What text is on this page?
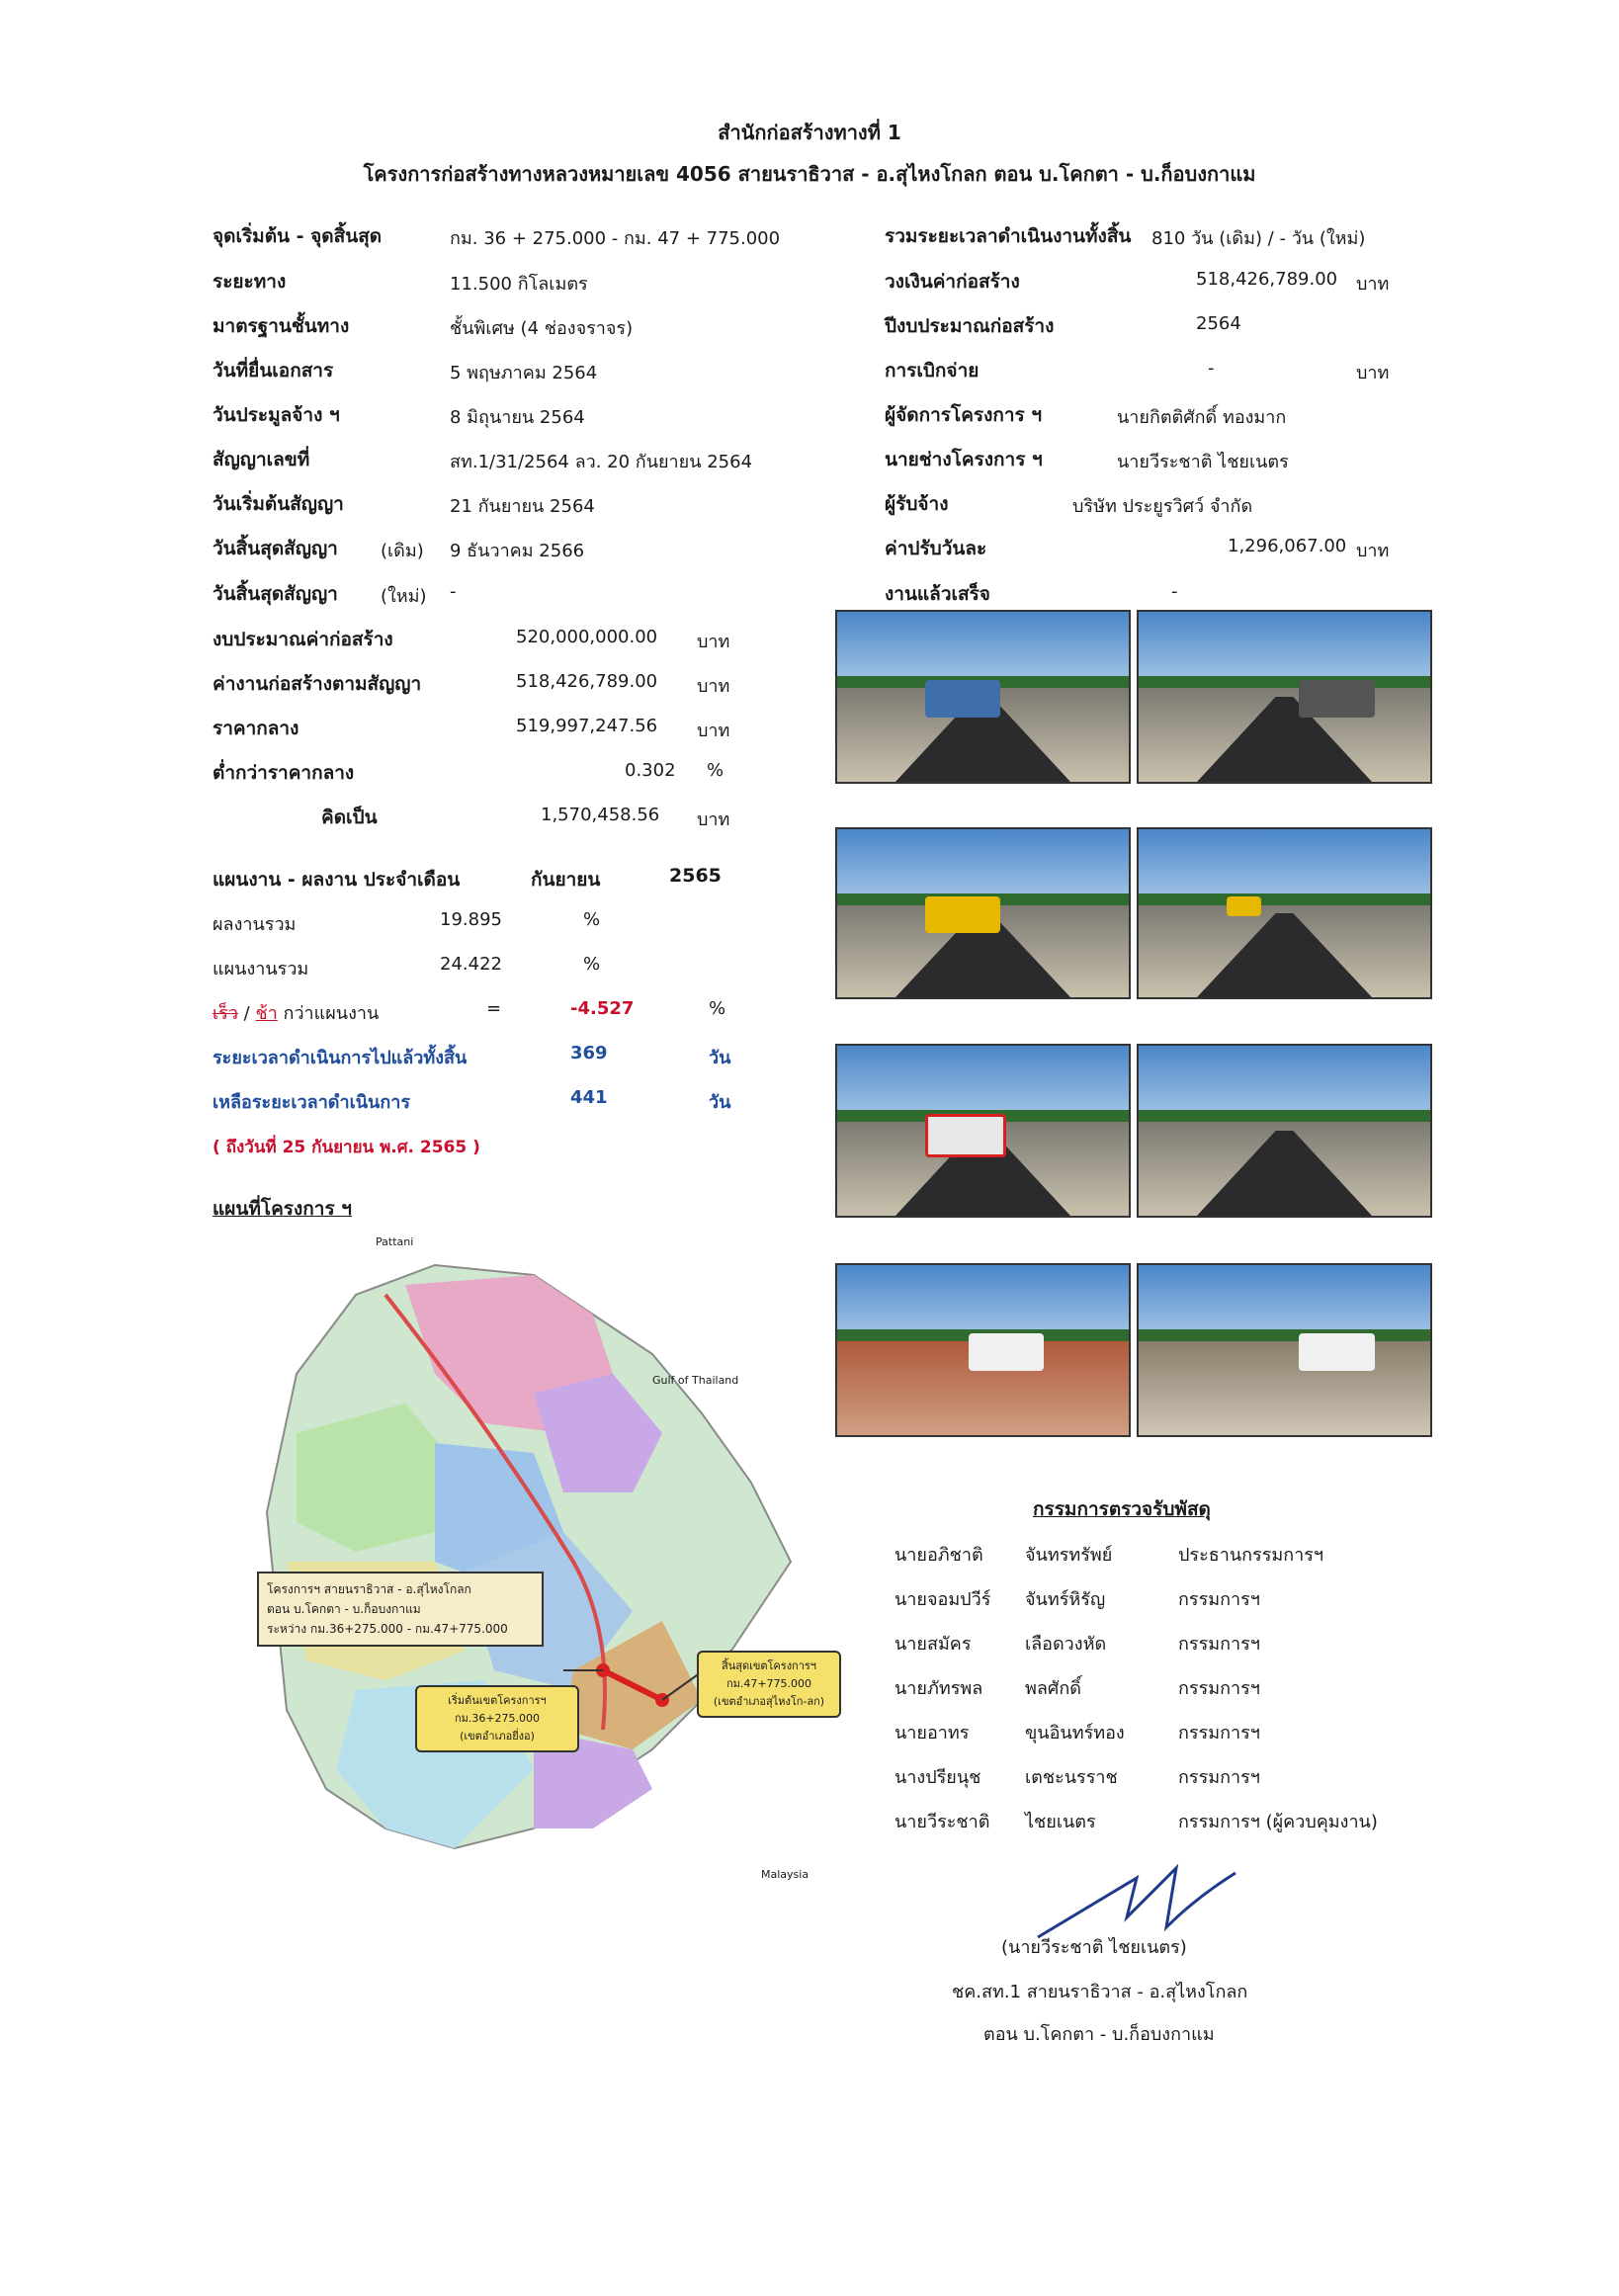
สำนักก่อสร้างทางที่ 1
โครงการก่อสร้างทางหลวงหมายเลข 4056 สายนราธิวาส - อ.สุไหงโกลก ตอน บ.โคกตา - บ.ก็อบงกาแม
จุดเริ่มต้น - จุดสิ้นสุด	กม. 36 + 275.000 - กม. 47 + 775.000
ระยะทาง	11.500 กิโลเมตร
มาตรฐานชั้นทาง	ชั้นพิเศษ (4 ช่องจราจร)
วันที่ยื่นเอกสาร	5 พฤษภาคม 2564
วันประมูลจ้าง ฯ	8 มิถุนายน 2564
สัญญาเลขที่	สท.1/31/2564 ลว. 20 กันยายน 2564
วันเริ่มต้นสัญญา	21 กันยายน 2564
วันสิ้นสุดสัญญา (เดิม) 9 ธันวาคม 2566
วันสิ้นสุดสัญญา (ใหม่) -
รวมระยะเวลาดำเนินงานทั้งสิ้น 810 วัน (เดิม) / - วัน (ใหม่)
วงเงินค่าก่อสร้าง	518,426,789.00 บาท
ปีงบประมาณก่อสร้าง	2564
การเบิกจ่าย	-	บาท
ผู้จัดการโครงการ ฯ	นายกิตติศักดิ์ ทองมาก
นายช่างโครงการ ฯ	นายวีระชาติ ไชยเนตร
ผู้รับจ้าง	บริษัท ประยูรวิศว์ จำกัด
ค่าปรับวันละ	1,296,067.00 บาท
งานแล้วเสร็จ	-
งบประมาณค่าก่อสร้าง	520,000,000.00 บาท
ค่างานก่อสร้างตามสัญญา	518,426,789.00 บาท
ราคากลาง	519,997,247.56 บาท
ต่ำกว่าราคากลาง	0.302 %
คิดเป็น	1,570,458.56 บาท
แผนงาน - ผลงาน ประจำเดือน	กันยายน	2565
ผลงานรวม	19.895	%
แผนงานรวม	24.422	%
เร็ว / ช้า กว่าแผนงาน	=	-4.527	%
ระยะเวลาดำเนินการไปแล้วทั้งสิ้น	369	วัน
เหลือระยะเวลาดำเนินการ	441	วัน
( ถึงวันที่ 25 กันยายน พ.ศ. 2565 )
แผนที่โครงการ ฯ
Pattani
Gulf of Thailand
Malaysia
โครงการฯ สายนราธิวาส - อ.สุไหงโกลก
ตอน บ.โคกตา - บ.ก็อบงกาแม
ระหว่าง กม.36+275.000 - กม.47+775.000
เริ่มต้นเขตโครงการฯ
กม.36+275.000
(เขตอำเภอยี่งอ)
สิ้นสุดเขตโครงการฯ
กม.47+775.000
(เขตอำเภอสุไหงโก-ลก)
กรรมการตรวจรับพัสดุ
นายอภิชาติ จันทรทรัพย์	ประธานกรรมการฯ
นายจอมปวีร์ จันทร์หิรัญ	กรรมการฯ
นายสมัคร	เลือดวงหัด	กรรมการฯ
นายภัทรพล พลศักดิ์	กรรมการฯ
นายอาทร	ขุนอินทร์ทอง	กรรมการฯ
นางปรียนุช เตชะนรราช	กรรมการฯ
นายวีระชาติ ไชยเนตร	กรรมการฯ (ผู้ควบคุมงาน)
(นายวีระชาติ ไชยเนตร)
ชค.สท.1 สายนราธิวาส - อ.สุไหงโกลก
ตอน บ.โคกตา - บ.ก็อบงกาแม
